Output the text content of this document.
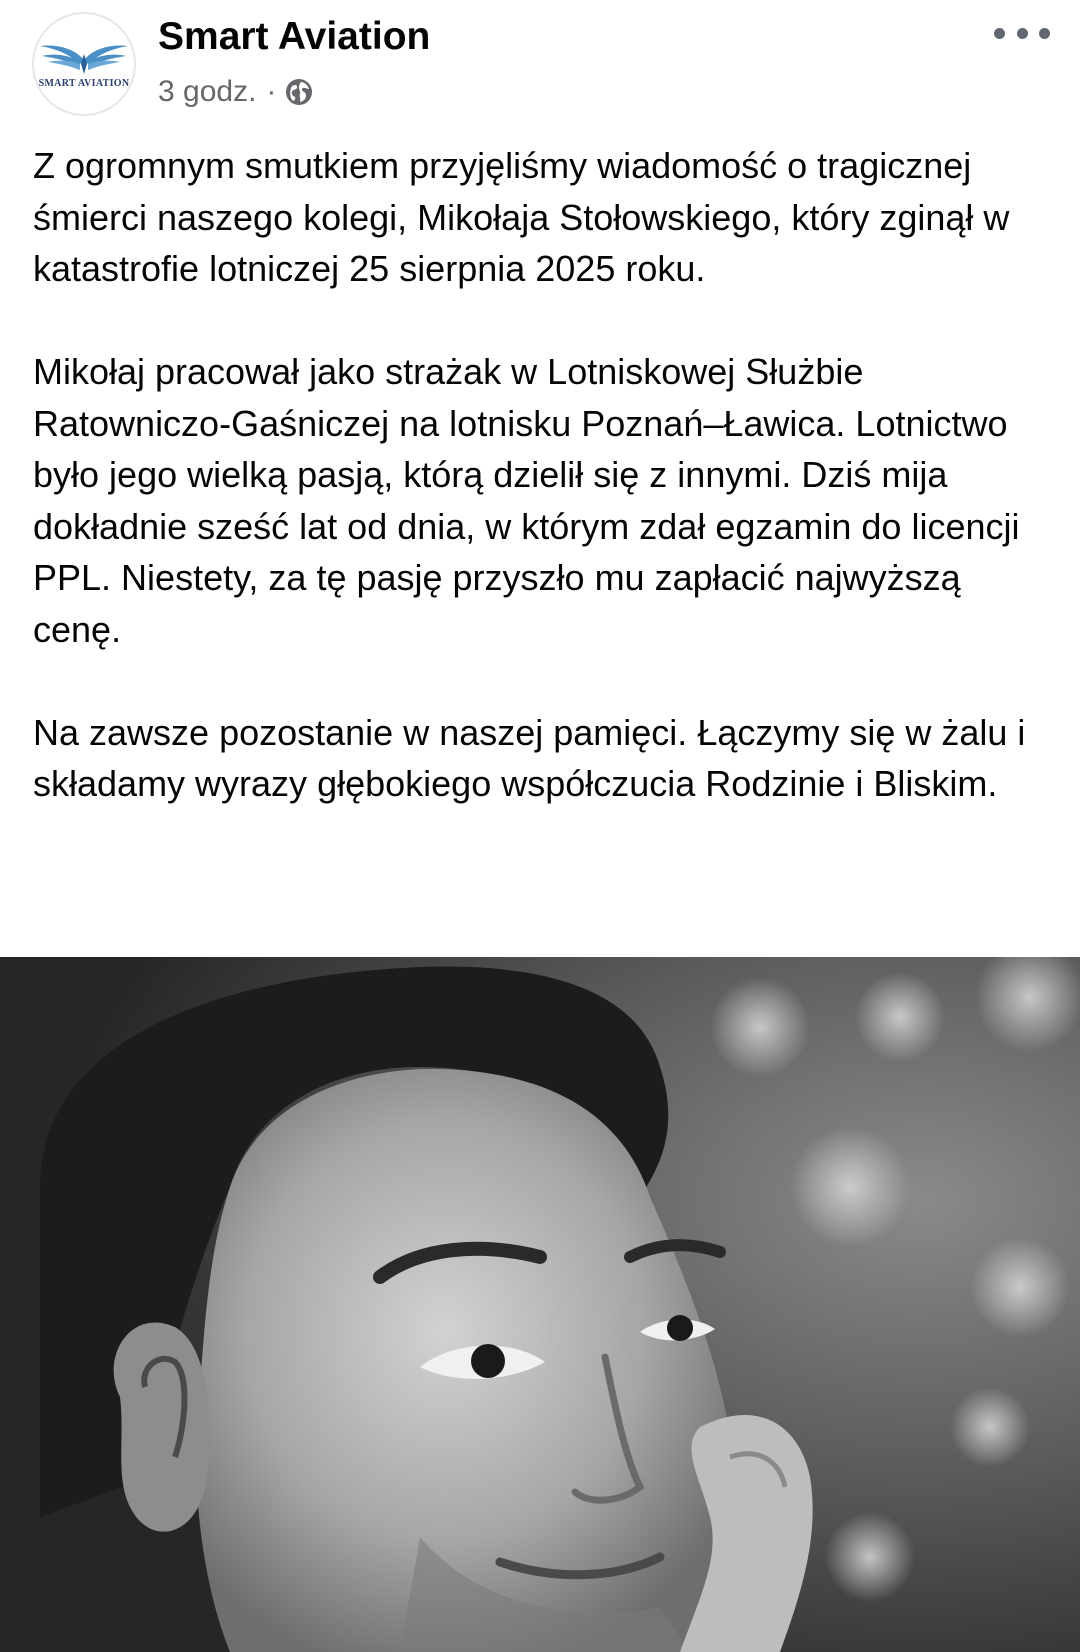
SMART AVIATION
Smart Aviation
3 godz. ·

Z ogromnym smutkiem przyjęliśmy wiadomość o tragicznej śmierci naszego kolegi, Mikołaja Stołowskiego, który zginął w katastrofie lotniczej 25 sierpnia 2025 roku.

Mikołaj pracował jako strażak w Lotniskowej Służbie Ratowniczo-Gaśniczej na lotnisku Poznań–Ławica. Lotnictwo było jego wielką pasją, którą dzielił się z innymi. Dziś mija dokładnie sześć lat od dnia, w którym zdał egzamin do licencji PPL. Niestety, za tę pasję przyszło mu zapłacić najwyższą cenę.

Na zawsze pozostanie w naszej pamięci. Łączymy się w żalu i składamy wyrazy głębokiego współczucia Rodzinie i Bliskim.
